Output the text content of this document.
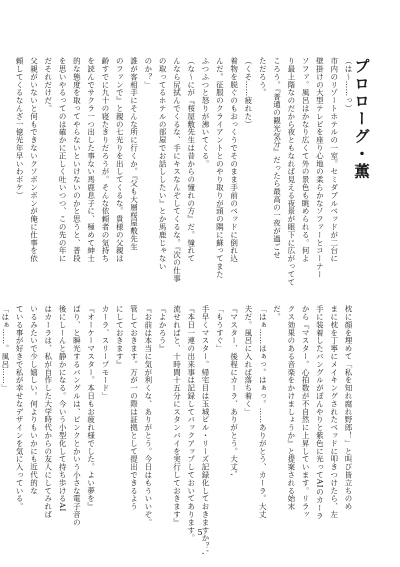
プロローグ・薫
（は～……っ）
市内のリゾートホテルの一室。セミダブルベッドが二台に
壁掛けの大型テレビを座り心地の柔らかなソファーとコーナー
ソファ。風呂はかなり広くて外の景色も眺められる。何よ
り最上階なのだから夜ともなれば見える夜景が眼下に広がってて
ころう。『普通の観光気分』だったら最高の一夜が過ごせ
ただろう。
（くそ……疲れた）
着物を脱ぐのもおっくうでそのまま手前のベッドに倒れ込
んだ。征服のクライアントとのやり取りが頭の隅に蘇ってまた
ふつふつと怒りが沸いてくる。
（な～にが『桜屋敷先生は昔からの憧れの方』だ。憧れて
んなら尻拭んでくるな、手にキスなんぞしてくるな。『次の仕事
の取ってるホテルの部屋でお話ししたい』とか馬鹿じゃない
のか？」
誰が客相手にそんな所に行くか。『父も大層桜屋敷先生
のファンで』と親の七光りを出してくるな。貴様の父親は
齢すでに九十の寝たきりだろうが。そんな依頼者の気持ち
を読んでサクラ一つ出した事ない馬鹿息子に、極めて紳士
的な態度を取ってやらないといけないのかと思うと、普段
を思いやるってのは確かに正しく吐いつつ、この先の年に
だそれだけだ。
父親がいないと何もできないクソボンボンが俺に仕事を依
頼してくるなんざ一億光年早いわボケ）
枕に顔を埋めて「私を知れ腐れ野郎！」と叫び皆立ちのめ
まに枕を丁寧にメイキングされたベッドに叩きつけたら、左
手に装着したバングルがぼんやりと紫色に光ってAIのカーラ
から『マスター。心拍数が不自然に上昇しています。リラッ
クス効果のある音楽をかけましょうか』と提案される始末
だ。
「はぁ……はぁっ。はぁっ。……ありがとう、カーラ。大丈
夫だ。風呂に入れば落ち着く」
『マスター、後程にカーラ、ありがとう。大丈',
「もうすぐ」
手早くマスター。帰宅目は玉城ビル・リーズ記録化しておきますか？',
『本日一連の出来事は記録してバックアップしておいてあります。
流せればと、十時間十五分にスタンバイを実行しておきます』
『よかろう』
『お前は本当に気が利くな、ありがとう。今日はもういいぞ。
管しておきます。万が一の際は証拠として提出できるよう
にしておきます』
カーラ、スリープモード」
『オーケーマスター。本日もお疲れ様でした。よい夢を』
ばり、と瞬光するバングルは、ピンクとかいう小さな電子音の
後にしーんと静かになる。今いう小型化して持ち歩けるAI
はカーラは、私が自作した大学時代からの友人にしてみれば
いるみたいで少し嬉しい。何よりもいかにも近代的な
ている事が好きで私が幸せなデザインを気に入っている。
「はぁ……。風呂……」
5
